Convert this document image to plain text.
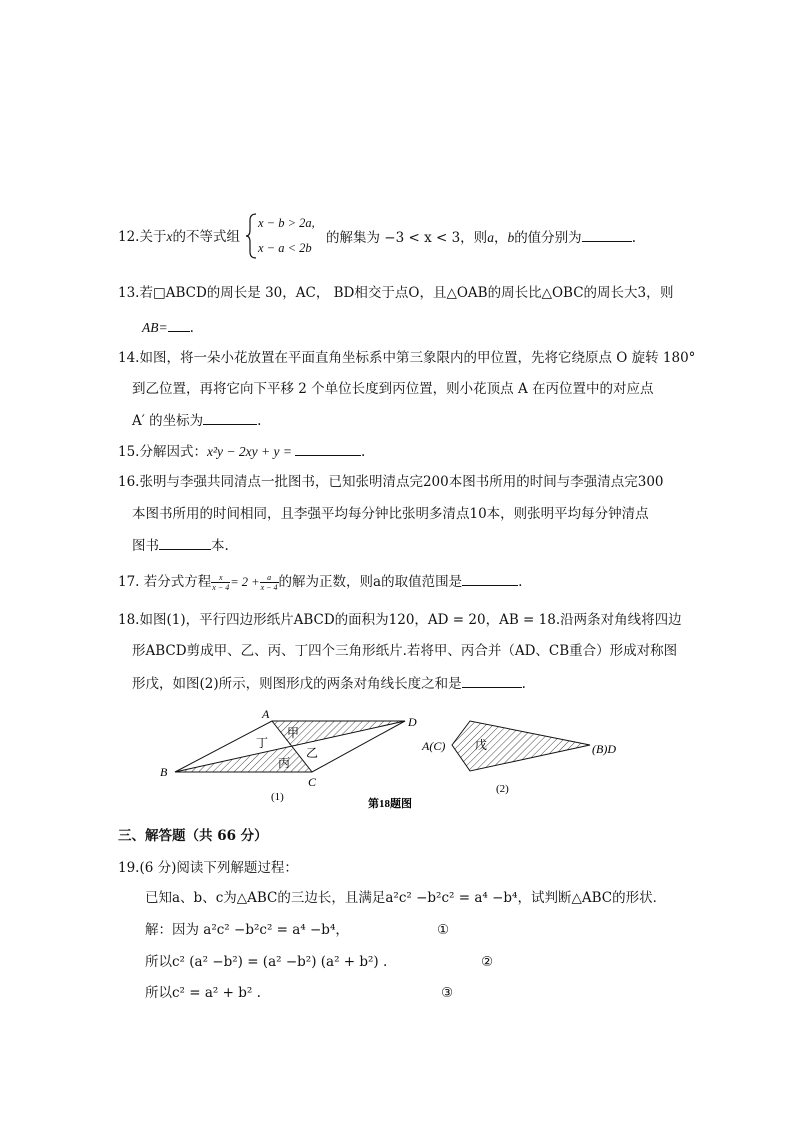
12.关于x的不等式组
x − b > 2a,
x − a < 2b
的解集为 −3 < x < 3，则a，b的值分别为	.
13.若□ABCD的周长是 30，AC， BD相交于点O，且△OAB的周长比△OBC的周长大3， 则
AB= .
14.如图，将一朵小花放置在平面直角坐标系中第三象限内的甲位置，先将它绕原点 O 旋转 180°
到乙位置，再将它向下平移 2 个单位长度到丙位置，则小花顶点 A 在丙位置中的对应点
A′ 的坐标为	.
15.分解因式：x²y − 2xy + y =	.
16.张明与李强共同清点一批图书，已知张明清点完200本图书所用的时间与李强清点完300
本图书所用的时间相同，且李强平均每分钟比张明多清点10本，则张明平均每分钟清点
图书	本.
17. 若分式方程 $\frac{x}{x - 4} = 2 + \frac{a}{x - 4}$ 的解为正数，则a的取值范围是	.
18.如图(1)，平行四边形纸片ABCD的面积为120，AD = 20，AB = 18.沿两条对角线将四边
形ABCD剪成甲、乙、丙、丁四个三角形纸片.若将甲、丙合并（AD、CB重合）形成对称图
形戊，如图(2)所示，则图形戊的两条对角线长度之和是	.
A
D
C
B
甲
乙
丙
丁
(1)
A(C)	(B)D
戊
(2)
第18题图
三、解答题（共 66 分）
19.(6 分)阅读下列解题过程：
已知a、b、c为△ABC的三边长，且满足a²c² −b²c² = a⁴ −b⁴，试判断△ABC的形状．
解：因为 a²c² −b²c² = a⁴ −b⁴，	①
所以c² (a² −b²) = (a² −b²) (a² + b²) .	②
所以c² = a² + b² .	③
